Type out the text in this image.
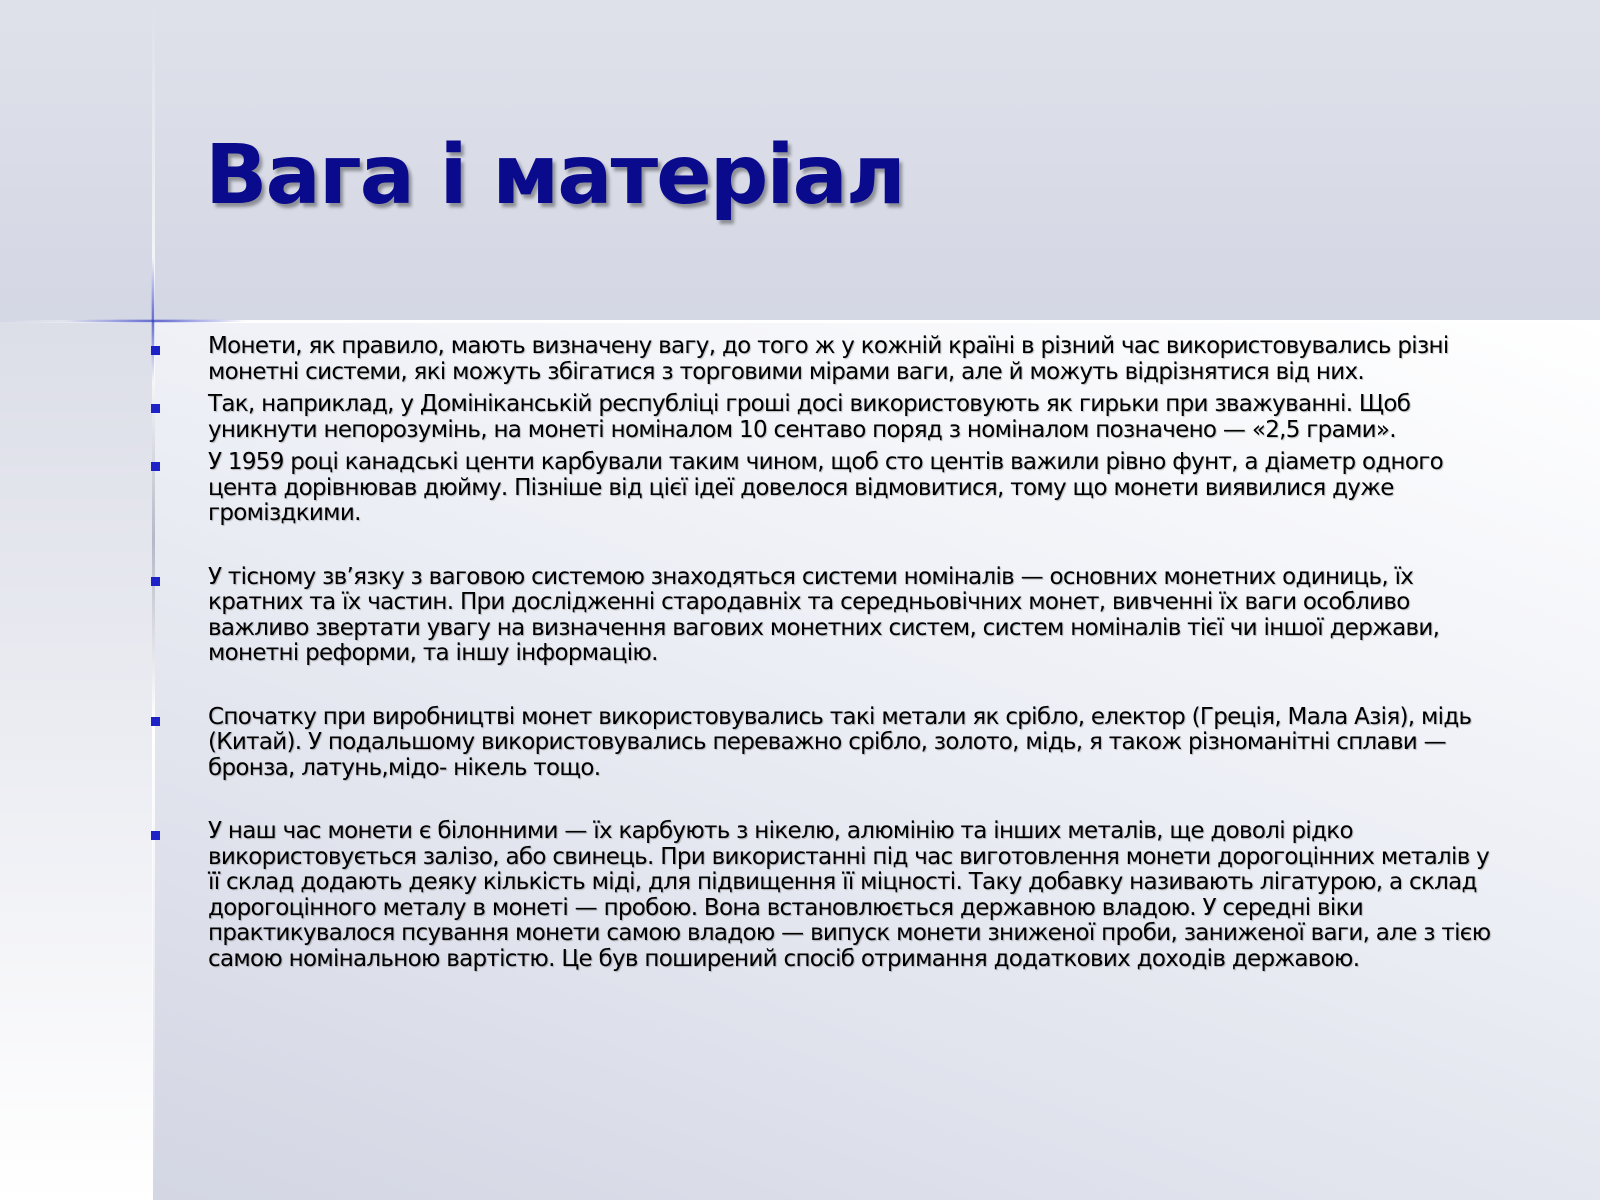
Вага і матеріал
Монети, як правило, мають визначену вагу, до того ж у кожній країні в різний час використовувались різні монетні системи, які можуть збігатися з торговими мірами ваги, але й можуть відрізнятися від них.
Так, наприклад, у Домініканській республіці гроші досі використовують як гирьки при зважуванні. Щоб уникнути непорозумінь, на монеті номіналом 10 сентаво поряд з номіналом позначено — «2,5 грами».
У 1959 році канадські центи карбували таким чином, щоб сто центів важили рівно фунт, а діаметр одного цента дорівнював дюйму. Пізніше від цієї ідеї довелося відмовитися, тому що монети виявилися дуже громіздкими.
У тісному зв’язку з ваговою системою знаходяться системи номіналів — основних монетних одиниць, їх кратних та їх частин. При дослідженні стародавніх та середньовічних монет, вивченні їх ваги особливо важливо звертати увагу на визначення вагових монетних систем, систем номіналів тієї чи іншої держави, монетні реформи, та іншу інформацію.
Спочатку при виробництві монет використовувались такі метали як срібло, електор (Греція, Мала Азія), мідь (Китай). У подальшому використовувались переважно срібло, золото, мідь, я також різноманітні сплави — бронза, латунь,мідо- нікель тощо.
У наш час монети є білонними — їх карбують з нікелю, алюмінію та інших металів, ще доволі рідко використовується залізо, або свинець. При використанні під час виготовлення монети дорогоцінних металів у її склад додають деяку кількість міді, для підвищення її міцності. Таку добавку називають лігатурою, а склад дорогоцінного металу в монеті — пробою. Вона встановлюється державною владою. У середні віки практикувалося псування монети самою владою — випуск монети зниженої проби, заниженої ваги, але з тією самою номінальною вартістю. Це був поширений спосіб отримання додаткових доходів державою.
